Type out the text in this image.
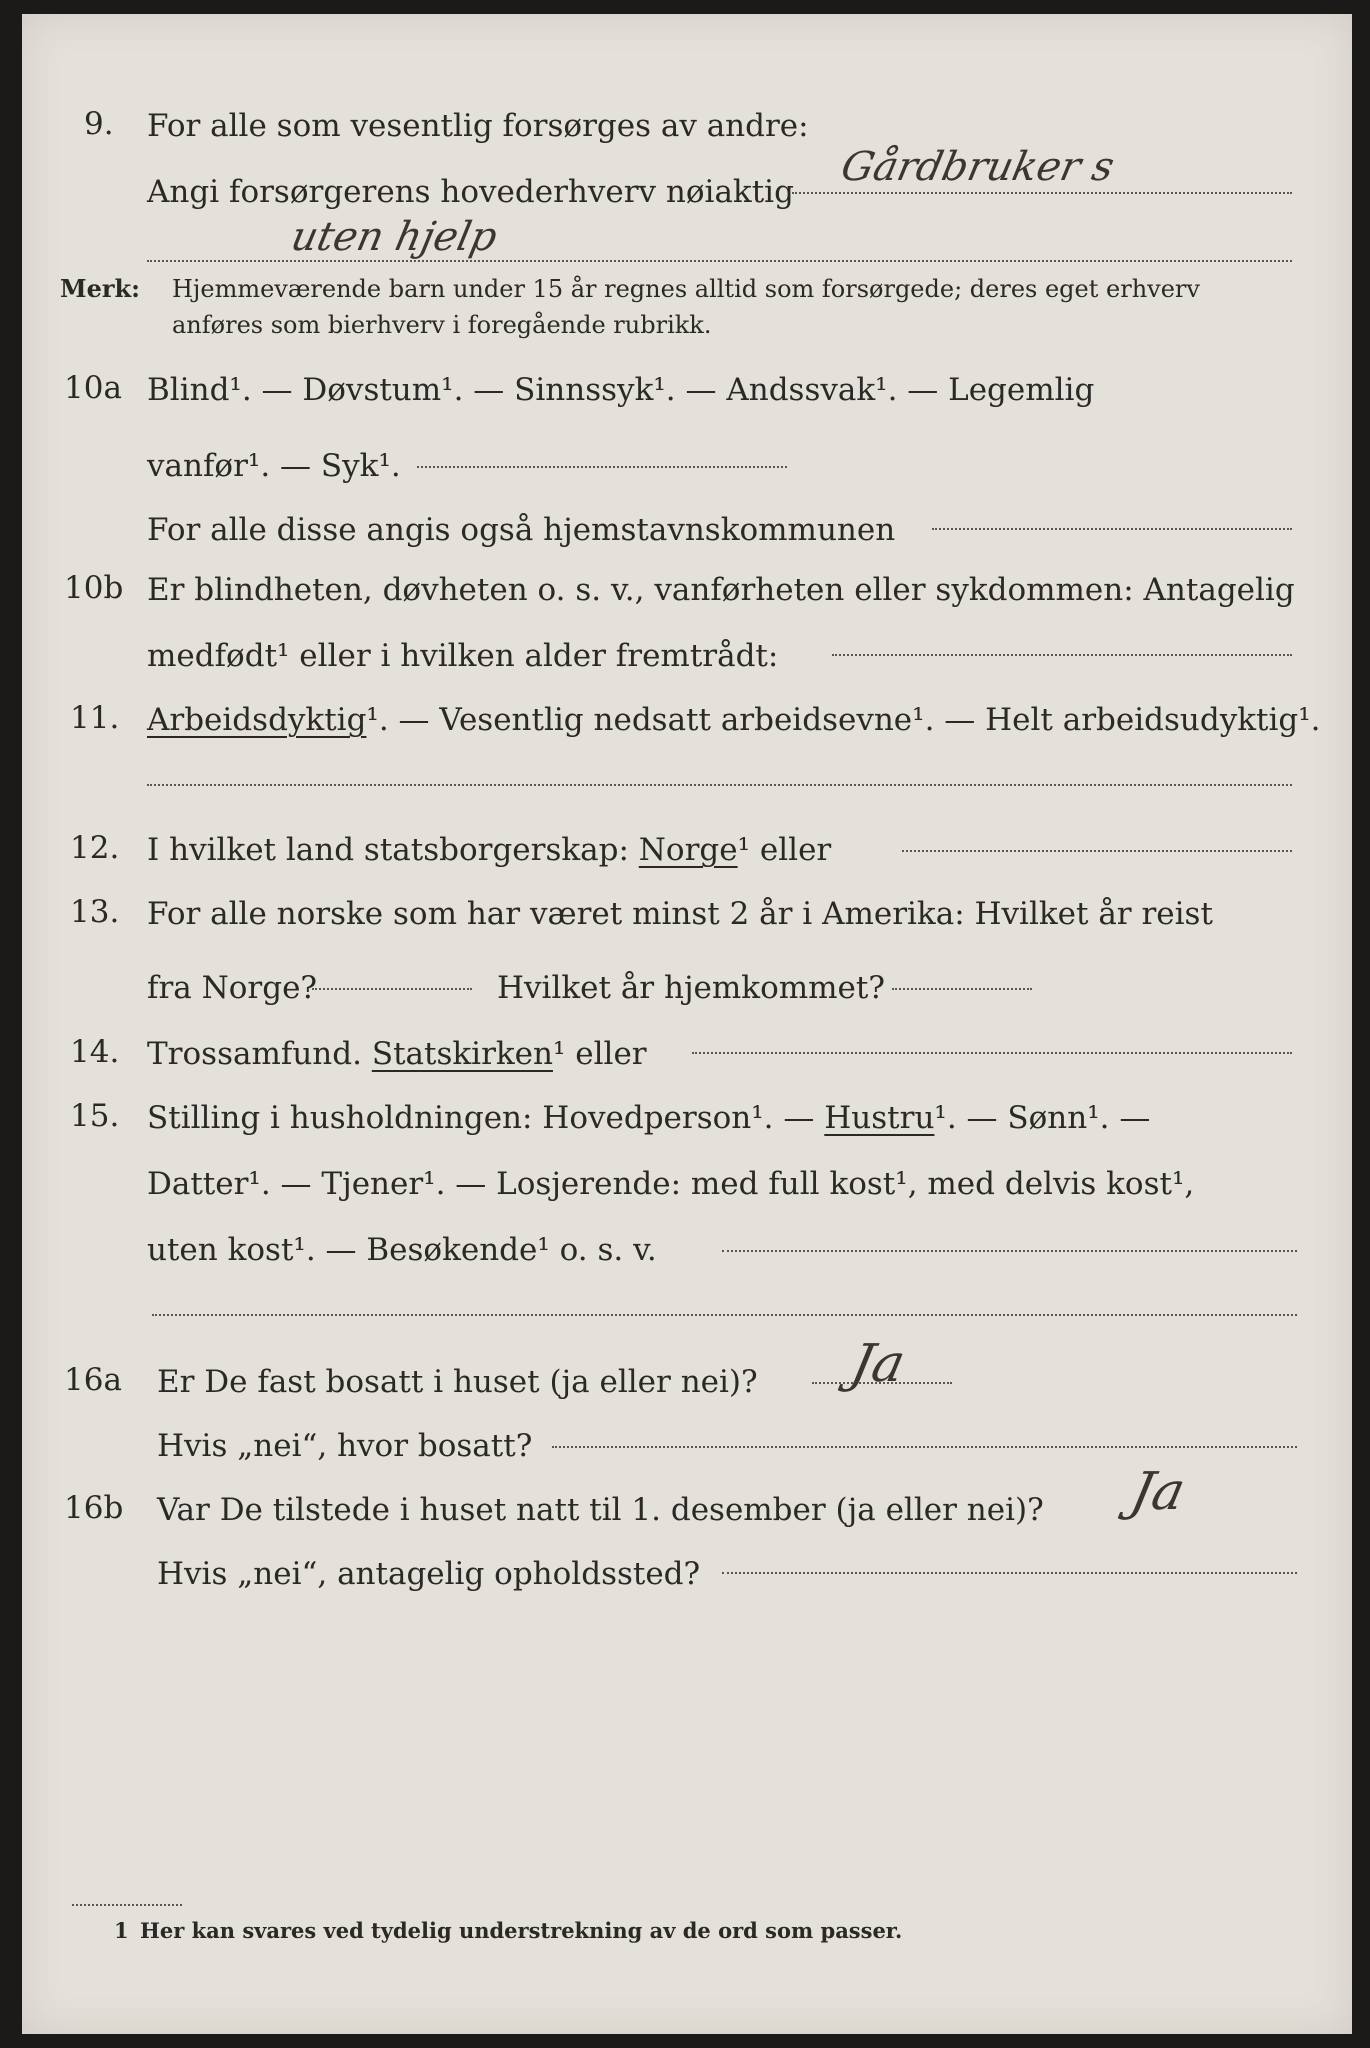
9. For alle som vesentlig forsørges av andre:
Angi forsørgerens hovederhverv nøiaktig
Gårdbruker s
uten hjelp
Merk: Hjemmeværende barn under 15 år regnes alltid som forsørgede; deres eget erhverv
anføres som bierhverv i foregående rubrikk.
10a Blind¹. — Døvstum¹. — Sinnssyk¹. — Andssvak¹. — Legemlig
vanfør¹. — Syk¹.
For alle disse angis også hjemstavnskommunen
10b Er blindheten, døvheten o. s. v., vanførheten eller sykdommen: Antagelig
medfødt¹ eller i hvilken alder fremtrådt:
11. Arbeidsdyktig¹. — Vesentlig nedsatt arbeidsevne¹. — Helt arbeidsudyktig¹.
12. I hvilket land statsborgerskap: Norge¹ eller
13. For alle norske som har været minst 2 år i Amerika: Hvilket år reist
fra Norge?	Hvilket år hjemkommet?
14. Trossamfund. Statskirken¹ eller
15. Stilling i husholdningen: Hovedperson¹. — Hustru¹. — Sønn¹. —
Datter¹. — Tjener¹. — Losjerende: med full kost¹, med delvis kost¹,
uten kost¹. — Besøkende¹ o. s. v.
16a Er De fast bosatt i huset (ja eller nei)? Ja
Hvis „nei“, hvor bosatt?
16b Var De tilstede i huset natt til 1. desember (ja eller nei)? Ja
Hvis „nei“, antagelig opholdssted?
1 Her kan svares ved tydelig understrekning av de ord som passer.
